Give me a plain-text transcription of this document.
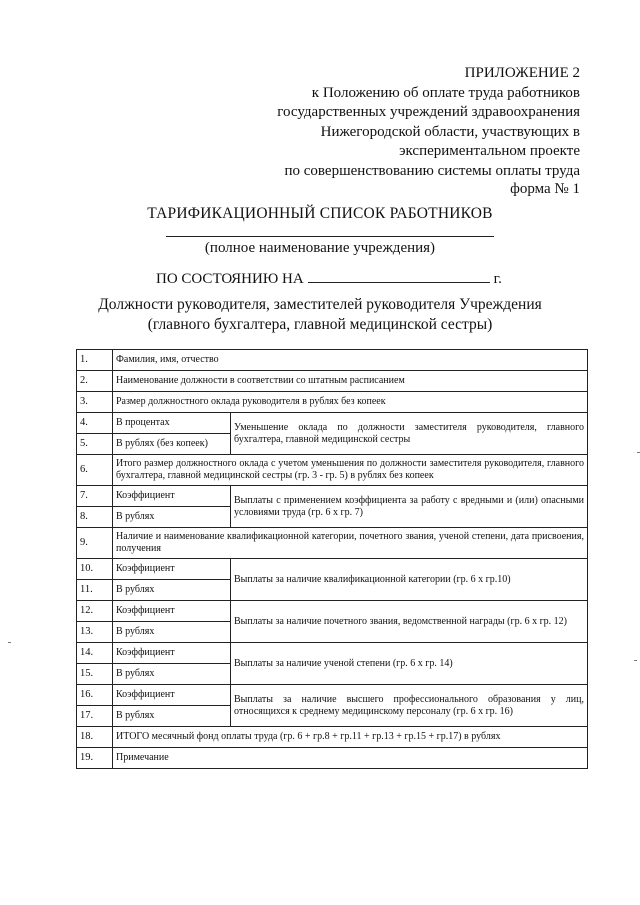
ПРИЛОЖЕНИЕ 2
к Положению об оплате труда работников
государственных учреждений здравоохранения
Нижегородской области, участвующих в
экспериментальном проекте
по совершенствованию системы оплаты труда
форма № 1
ТАРИФИКАЦИОННЫЙ СПИСОК РАБОТНИКОВ
(полное наименование учреждения)
ПО СОСТОЯНИЮ НА	г.
Должности руководителя, заместителей руководителя Учреждения
(главного бухгалтера, главной медицинской сестры)
1.	Фамилия, имя, отчество	
2.	Наименование должности в соответствии со штатным расписанием	
3.	Размер должностного оклада руководителя в рублях без копеек	
4.	В процентах	Уменьшение оклада по должности заместителя руководителя, главного бухгалтера, главной медицинской сестры
5.	В рублях (без копеек)	
6.	Итого размер должностного оклада с учетом уменьшения по должности заместителя руководителя, главного бухгалтера, главной медицинской сестры (гр. 3 - гр. 5) в рублях без копеек	
7.	Коэффициент	Выплаты с применением коэффициента за работу с вредными и (или) опасными условиями труда (гр. 6 х гр. 7)
8.	В рублях	
9.	Наличие и наименование квалификационной категории, почетного звания, ученой степени, дата присвоения, получения	
10.	Коэффициент	Выплаты за наличие квалификационной категории (гр. 6 х гр.10)
11.	В рублях	
12.	Коэффициент	Выплаты за наличие почетного звания, ведомственной награды (гр. 6 х гр. 12)
13.	В рублях	
14.	Коэффициент	Выплаты за наличие ученой степени (гр. 6 х гр. 14)
15.	В рублях	
16.	Коэффициент	Выплаты за наличие высшего профессионального образования у лиц, относящихся к среднему медицинскому персоналу (гр. 6 х гр. 16)
17.	В рублях	
18.	ИТОГО месячный фонд оплаты труда (гр. 6 + гр.8 + гр.11 + гр.13 + гр.15 + гр.17) в рублях	
19.	Примечание	
